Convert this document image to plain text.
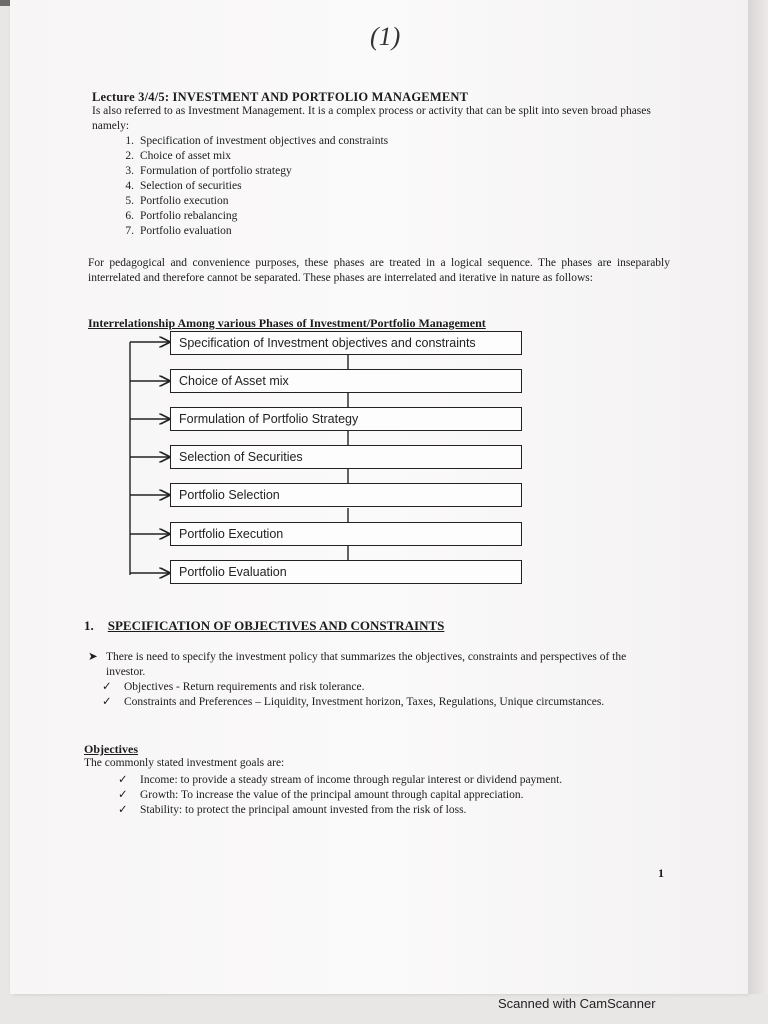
(1)
Lecture 3/4/5: INVESTMENT AND PORTFOLIO MANAGEMENT
Is also referred to as Investment Management. It is a complex process or activity that can be split into seven broad phases namely:
1. Specification of investment objectives and constraints
2. Choice of asset mix
3. Formulation of portfolio strategy
4. Selection of securities
5. Portfolio execution
6. Portfolio rebalancing
7. Portfolio evaluation
For pedagogical and convenience purposes, these phases are treated in a logical sequence. The phases are inseparably interrelated and therefore cannot be separated. These phases are interrelated and iterative in nature as follows:
Interrelationship Among various Phases of Investment/Portfolio Management
Specification of Investment objectives and constraints
Choice of Asset mix
Formulation of Portfolio Strategy
Selection of Securities
Portfolio Selection
Portfolio Execution
Portfolio Evaluation
1. SPECIFICATION OF OBJECTIVES AND CONSTRAINTS
➤ There is need to specify the investment policy that summarizes the objectives, constraints and perspectives of the investor.
✓	Objectives - Return requirements and risk tolerance.
✓	Constraints and Preferences – Liquidity, Investment horizon, Taxes, Regulations, Unique circumstances.
Objectives
The commonly stated investment goals are:
✓	Income: to provide a steady stream of income through regular interest or dividend payment.
✓	Growth: To increase the value of the principal amount through capital appreciation.
✓	Stability: to protect the principal amount invested from the risk of loss.
1
Scanned with CamScanner
